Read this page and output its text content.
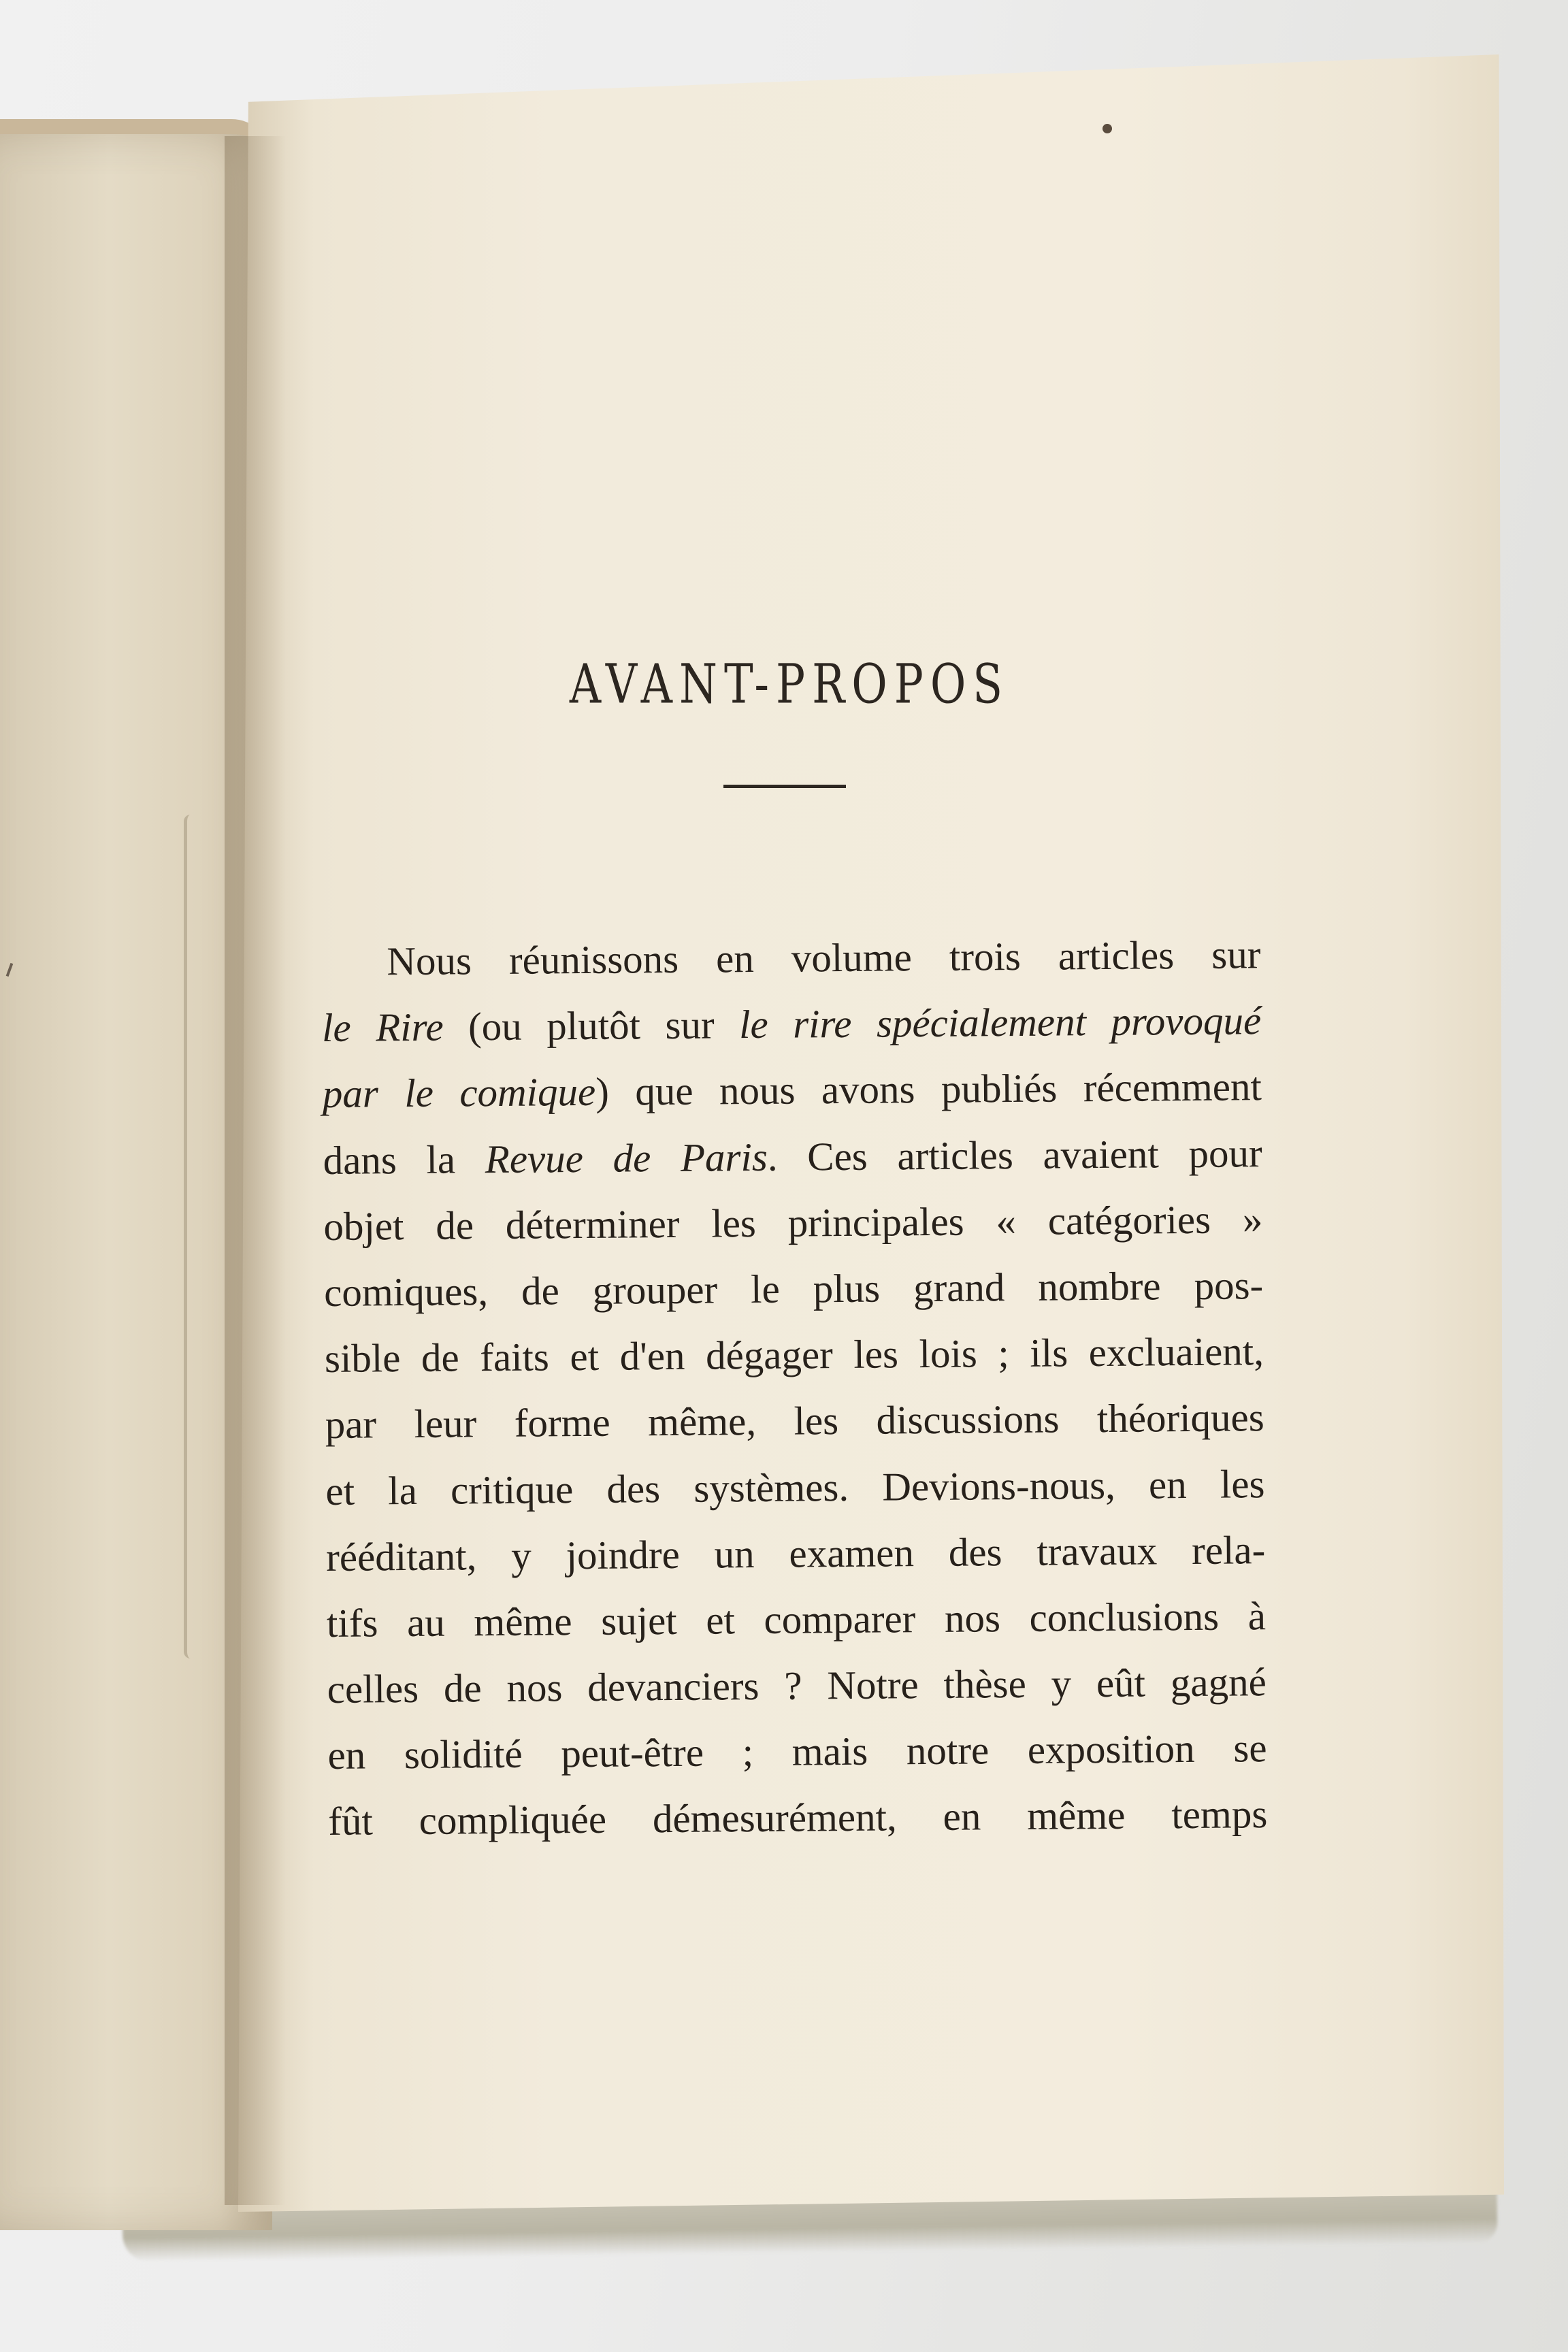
AVANT-PROPOS
Nous réunissons en volume trois articles sur
le Rire (ou plutôt sur le rire spécialement provoqué
par le comique) que nous avons publiés récemment
dans la Revue de Paris. Ces articles avaient pour
objet de déterminer les principales « catégories »
comiques, de grouper le plus grand nombre pos-
sible de faits et d'en dégager les lois ; ils excluaient,
par leur forme même, les discussions théoriques
et la critique des systèmes. Devions-nous, en les
rééditant, y joindre un examen des travaux rela-
tifs au même sujet et comparer nos conclusions à
celles de nos devanciers ? Notre thèse y eût gagné
en solidité peut-être ; mais notre exposition se
fût compliquée démesurément, en même temps
